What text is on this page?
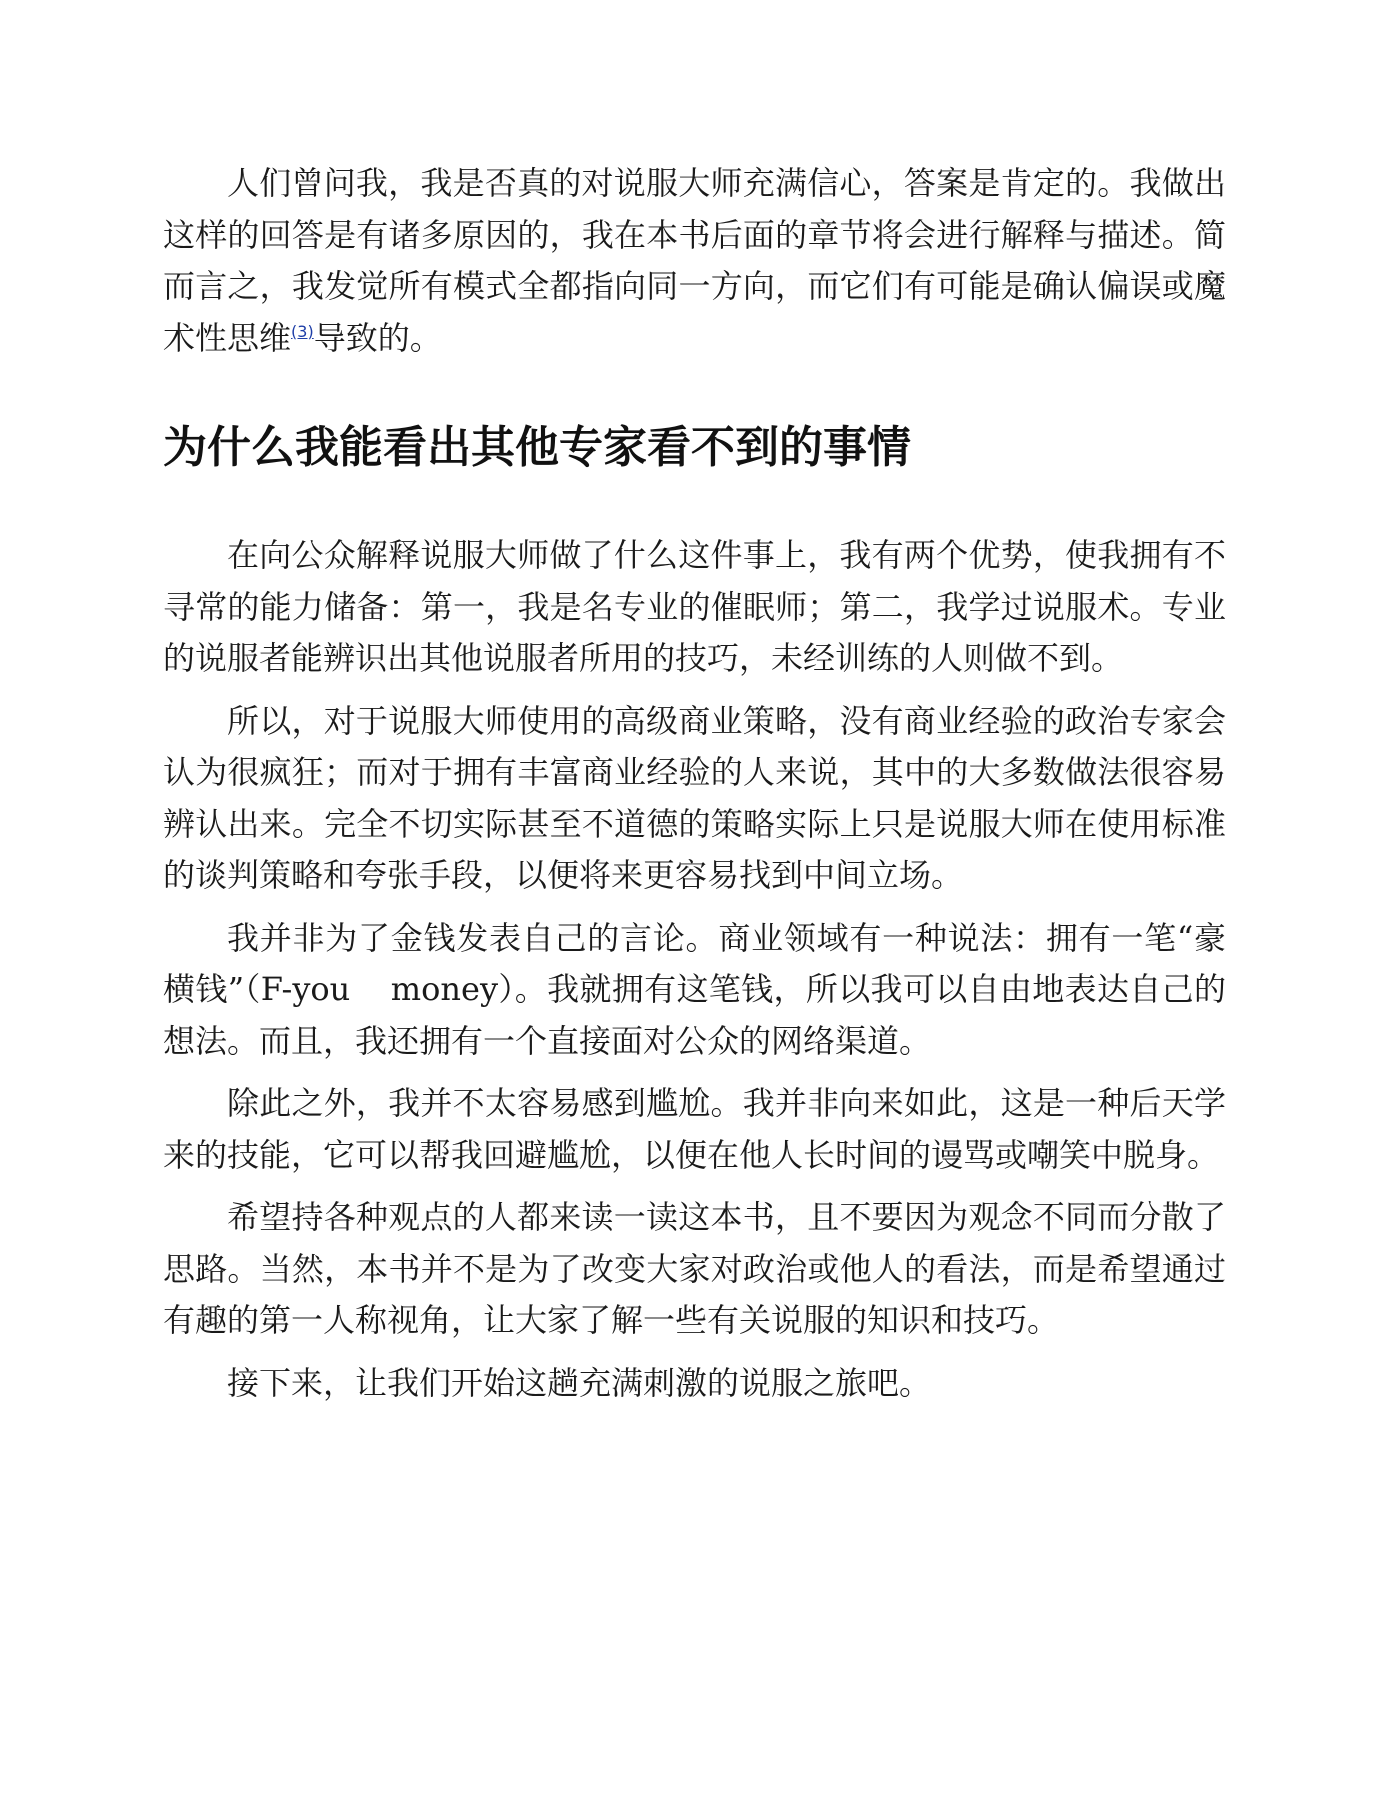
人们曾问我，我是否真的对说服大师充满信心，答案是肯定的。我做出这样的回答是有诸多原因的，我在本书后面的章节将会进行解释与描述。简而言之，我发觉所有模式全都指向同一方向，而它们有可能是确认偏误或魔术性思维$^{(3)}$导致的。

为什么我能看出其他专家看不到的事情

在向公众解释说服大师做了什么这件事上，我有两个优势，使我拥有不寻常的能力储备：第一，我是名专业的催眠师；第二，我学过说服术。专业的说服者能辨识出其他说服者所用的技巧，未经训练的人则做不到。

所以，对于说服大师使用的高级商业策略，没有商业经验的政治专家会认为很疯狂；而对于拥有丰富商业经验的人来说，其中的大多数做法很容易辨认出来。完全不切实际甚至不道德的策略实际上只是说服大师在使用标准的谈判策略和夸张手段，以便将来更容易找到中间立场。

我并非为了金钱发表自己的言论。商业领域有一种说法：拥有一笔“豪横钱”（F-you money）。我就拥有这笔钱，所以我可以自由地表达自己的想法。而且，我还拥有一个直接面对公众的网络渠道。

除此之外，我并不太容易感到尴尬。我并非向来如此，这是一种后天学来的技能，它可以帮我回避尴尬，以便在他人长时间的谩骂或嘲笑中脱身。

希望持各种观点的人都来读一读这本书，且不要因为观念不同而分散了思路。当然，本书并不是为了改变大家对政治或他人的看法，而是希望通过有趣的第一人称视角，让大家了解一些有关说服的知识和技巧。

接下来，让我们开始这趟充满刺激的说服之旅吧。
